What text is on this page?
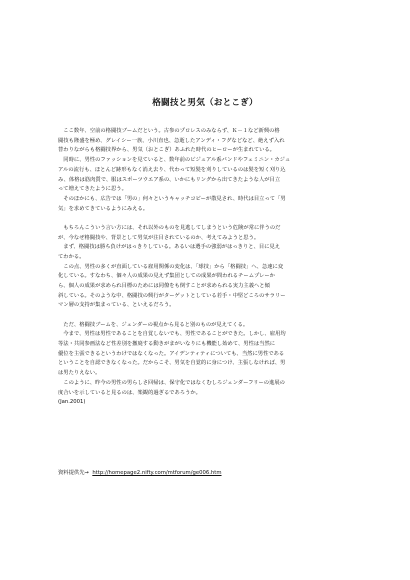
格闘技と男気（おとこぎ）

　ここ数年、空前の格闘技ブームだという。古参のプロレスのみならず、Ｋ－１など新興の格
闘技も隆盛を極め、グレイシー一族、小川直也、急逝したアンディ・フグなどなど、絶えず入れ
替わりながらも格闘技界から、男気（おとこぎ）あふれた時代のヒーローが生まれている。

　同時に、男性のファッションを見ていると、数年前のビジュアル系バンドやフェミニン・カジュ
アルの流行も、ほとんど跡形もなく消え去り、代わって短髪を刈りしているのは髪を短く刈り込
み、体格は筋肉質で、服はスポーツウエア系の、いかにもリングから出てきたような人が目立
って増えてきたように思う。

　そのほかにも、広告では「男の」何々というキャッチコピーが散見され、時代は目立って「男
気」を求めてきているようにみえる。

　もちろんこういう言い方には、それ以外のものを見逃してしまうという危険が常に伴うのだ
が、今なぜ格闘技や、背景として男気が注目されているのか、考えてみようと思う。

　まず、格闘技は勝ち負けがはっきりしている。あるいは選手の強弱がはっきりと、目に見え
てわかる。

　この点、男性の多くが直面している雇用関係の変化は、「球技」から「格闘技」へ、急速に変
化している。すなわち、個々人の成果の見えず集団としての成果が問われるチームプレーか
ら、個人の成果が求められ目標のためには同僚をも倒すことが求められる実力主義へと傾
斜している。そのような中、格闘技の興行がターゲットとしている若手・中堅どころのサラリー
マン層の支持が集まっている、といえるだろう。

　ただ、格闘技ブームを、ジェンダーの視点から見ると別のものが見えてくる。

　今まで、男性は男性であることを自覚しないでも、男性であることができた。しかし、雇用均
等法・共同参画法など性差別を撤廃する動きがまがいなりにも機能し始めて、男性は当然に
優位を主張できるというわけではなくなった。アイデンティティについても、当然に男性である
ということを自認できなくなった。だからこそ、男気を自覚的に身につけ、主張しなければ、男
は男たりえない。

　このように、昨今の男性の男らしさ回帰は、保守化ではなくむしろジェンダーフリーの進展の
度合いを示していると見るのは、楽観的過ぎるであろうか。

(Jan.2001)

資料提供先→ http://homepage2.nifty.com/mtforum/ge006.htm
